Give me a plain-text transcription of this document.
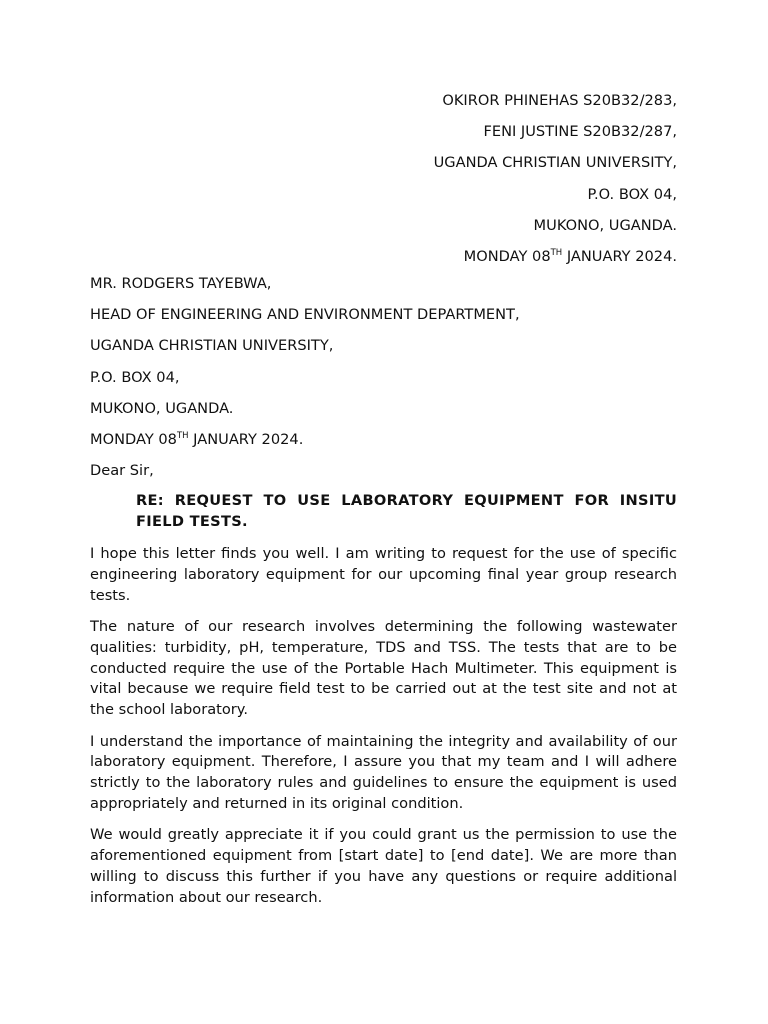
OKIROR PHINEHAS S20B32/283,
FENI JUSTINE S20B32/287,
UGANDA CHRISTIAN UNIVERSITY,
P.O. BOX 04,
MUKONO, UGANDA.
MONDAY 08TH JANUARY 2024.
MR. RODGERS TAYEBWA,
HEAD OF ENGINEERING AND ENVIRONMENT DEPARTMENT,
UGANDA CHRISTIAN UNIVERSITY,
P.O. BOX 04,
MUKONO, UGANDA.
MONDAY 08TH JANUARY 2024.
Dear Sir,
RE: REQUEST TO USE LABORATORY EQUIPMENT FOR INSITU FIELD TESTS.

I hope this letter finds you well. I am writing to request for the use of specific engineering laboratory equipment for our upcoming final year group research tests.

The nature of our research involves determining the following wastewater qualities: turbidity, pH, temperature, TDS and TSS. The tests that are to be conducted require the use of the Portable Hach Multimeter. This equipment is vital because we require field test to be carried out at the test site and not at the school laboratory.

I understand the importance of maintaining the integrity and availability of our laboratory equipment. Therefore, I assure you that my team and I will adhere strictly to the laboratory rules and guidelines to ensure the equipment is used appropriately and returned in its original condition.

We would greatly appreciate it if you could grant us the permission to use the aforementioned equipment from [start date] to [end date]. We are more than willing to discuss this further if you have any questions or require additional information about our research.
